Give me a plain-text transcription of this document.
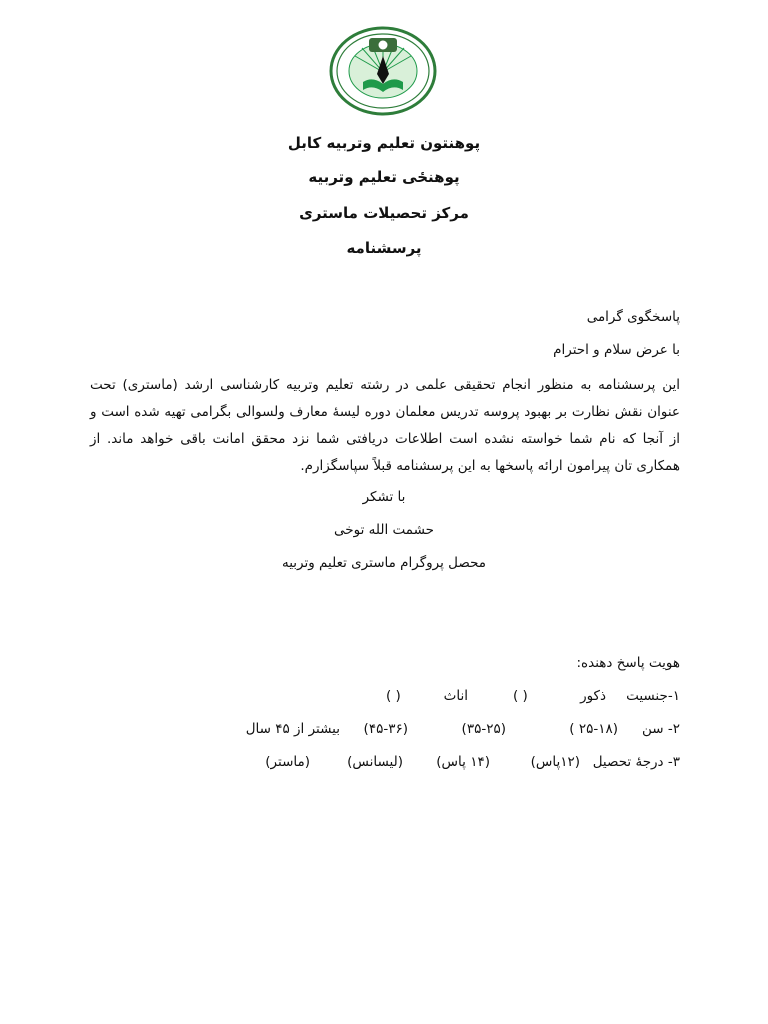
پوهنتون تعلیم وتربیه کابل
پوهنځی تعلیم وتربیه
مرکز تحصیلات ماستری
پرسشنامه
پاسخگوی گرامی
با عرض سلام و احترام
این پرسشنامه به منظور انجام تحقیقی علمی در رشته تعلیم وتربیه کارشناسی ارشد (ماستری) تحت عنوان نقش نظارت بر بهبود پروسه تدریس معلمان دوره لیسۀ معارف ولسوالی بگرامی تهیه شده است و از آنجا که نام شما خواسته نشده است اطلاعات دریافتی شما نزد محقق امانت باقی خواهد ماند. از همکاری تان پیرامون ارائه پاسخها به این پرسشنامه قبلاً سپاسگزارم.
با تشکر
حشمت الله توخی
محصل پروگرام ماستری تعلیم وتربیه
هویت پاسخ دهنده:
۱-جنسیت
ذکور
( )
اناث
( )
۲- سن
(۲۵-۱۸ )
(۳۵-۲۵)
(۴۵-۳۶)
بیشتر از ۴۵ سال
۳- درجۀ تحصیل
(۱۲پاس)
(۱۴ پاس)
(لیسانس)
(ماستر)
